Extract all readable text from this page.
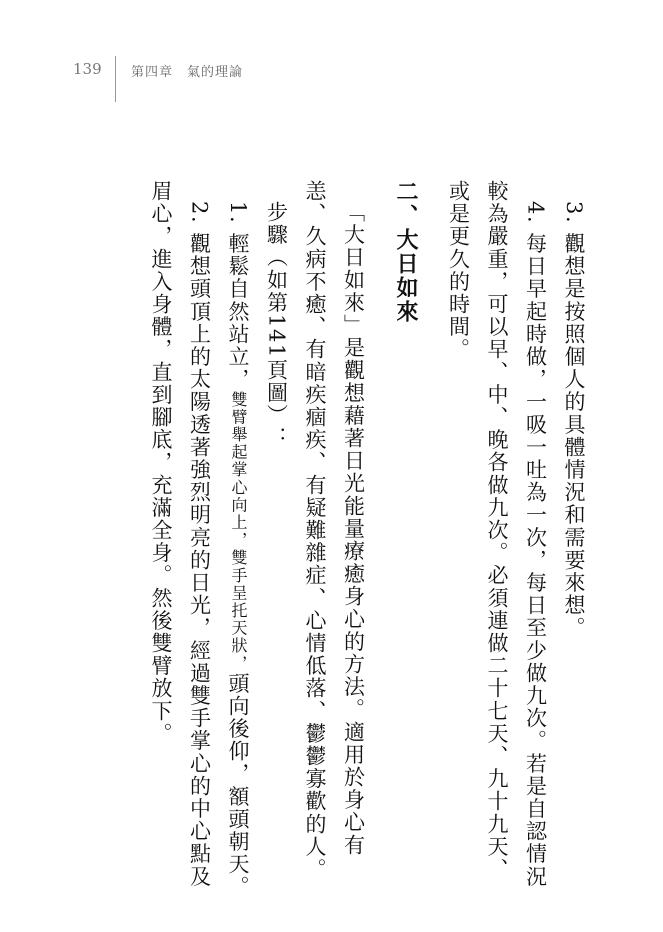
139 第四章　氣的理論

3. 觀想是按照個人的具體情況和需要來想。

4. 每日早起時做，一吸一吐為一次，每日至少做九次。若是自認情況較為嚴重，可以早、中、晚各做九次。必須連做二十七天、九十九天、或是更久的時間。

二、大日如來

「大日如來」是觀想藉著日光能量療癒身心的方法。適用於身心有恙、久病不癒、有暗疾痼疾、有疑難雜症、心情低落、鬱鬱寡歡的人。

步驟（如第141頁圖）：

1. 輕鬆自然站立，雙臂舉起掌心向上，雙手呈托天狀，頭向後仰，額頭朝天。

2. 觀想頭頂上的太陽透著強烈明亮的日光，經過雙手掌心的中心點及眉心，進入身體，直到腳底，充滿全身。然後雙臂放下。
